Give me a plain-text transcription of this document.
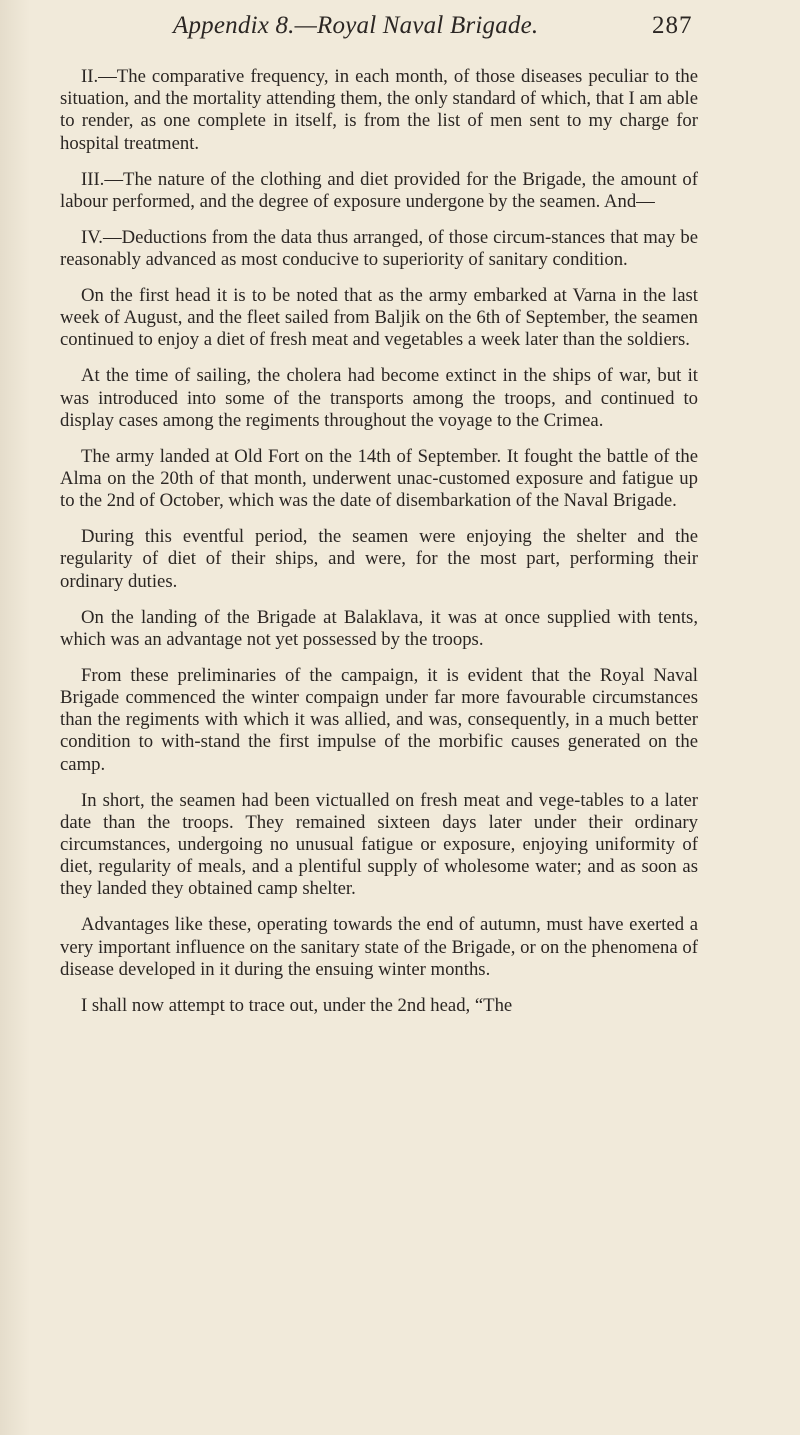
Appendix 8.—Royal Naval Brigade.	287

II.—The comparative frequency, in each month, of those diseases peculiar to the situation, and the mortality attending them, the only standard of which, that I am able to render, as one complete in itself, is from the list of men sent to my charge for hospital treatment.

III.—The nature of the clothing and diet provided for the Brigade, the amount of labour performed, and the degree of exposure undergone by the seamen. And—

IV.—Deductions from the data thus arranged, of those circum-stances that may be reasonably advanced as most conducive to superiority of sanitary condition.

On the first head it is to be noted that as the army embarked at Varna in the last week of August, and the fleet sailed from Baljik on the 6th of September, the seamen continued to enjoy a diet of fresh meat and vegetables a week later than the soldiers.

At the time of sailing, the cholera had become extinct in the ships of war, but it was introduced into some of the transports among the troops, and continued to display cases among the regiments throughout the voyage to the Crimea.

The army landed at Old Fort on the 14th of September. It fought the battle of the Alma on the 20th of that month, underwent unac-customed exposure and fatigue up to the 2nd of October, which was the date of disembarkation of the Naval Brigade.

During this eventful period, the seamen were enjoying the shelter and the regularity of diet of their ships, and were, for the most part, performing their ordinary duties.

On the landing of the Brigade at Balaklava, it was at once supplied with tents, which was an advantage not yet possessed by the troops.

From these preliminaries of the campaign, it is evident that the Royal Naval Brigade commenced the winter compaign under far more favourable circumstances than the regiments with which it was allied, and was, consequently, in a much better condition to with-stand the first impulse of the morbific causes generated on the camp.

In short, the seamen had been victualled on fresh meat and vege-tables to a later date than the troops. They remained sixteen days later under their ordinary circumstances, undergoing no unusual fatigue or exposure, enjoying uniformity of diet, regularity of meals, and a plentiful supply of wholesome water; and as soon as they landed they obtained camp shelter.

Advantages like these, operating towards the end of autumn, must have exerted a very important influence on the sanitary state of the Brigade, or on the phenomena of disease developed in it during the ensuing winter months.

I shall now attempt to trace out, under the 2nd head, “The
